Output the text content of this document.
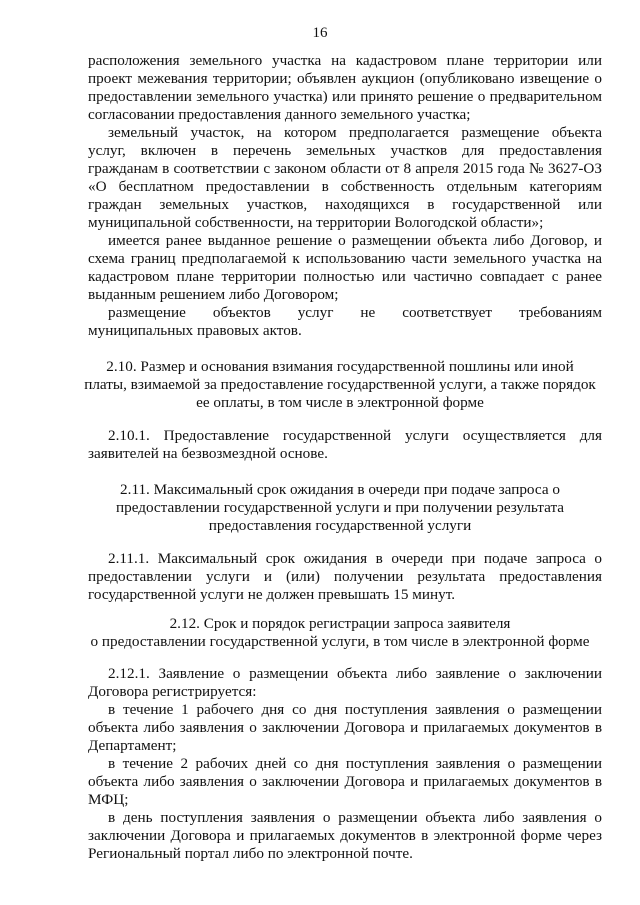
16
расположения земельного участка на кадастровом плане территории или
проект межевания территории; объявлен аукцион (опубликовано извещение о
предоставлении земельного участка) или принято решение о предварительном
согласовании предоставления данного земельного участка;
земельный участок, на котором предполагается размещение объекта
услуг, включен в перечень земельных участков для предоставления
гражданам в соответствии с законом области от 8 апреля 2015 года № 3627-ОЗ
«О бесплатном предоставлении в собственность отдельным категориям
граждан земельных участков, находящихся в государственной или
муниципальной собственности, на территории Вологодской области»;
имеется ранее выданное решение о размещении объекта либо Договор, и
схема границ предполагаемой к использованию части земельного участка на
кадастровом плане территории полностью или частично совпадает с ранее
выданным решением либо Договором;
размещение объектов услуг не соответствует требованиям
муниципальных правовых актов.
2.10. Размер и основания взимания государственной пошлины или иной
платы, взимаемой за предоставление государственной услуги, а также порядок
ее оплаты, в том числе в электронной форме
2.10.1. Предоставление государственной услуги осуществляется для
заявителей на безвозмездной основе.
2.11. Максимальный срок ожидания в очереди при подаче запроса о
предоставлении государственной услуги и при получении результата
предоставления государственной услуги
2.11.1. Максимальный срок ожидания в очереди при подаче запроса о
предоставлении услуги и (или) получении результата предоставления
государственной услуги не должен превышать 15 минут.
2.12. Срок и порядок регистрации запроса заявителя
о предоставлении государственной услуги, в том числе в электронной форме
2.12.1. Заявление о размещении объекта либо заявление о заключении
Договора регистрируется:
в течение 1 рабочего дня со дня поступления заявления о размещении
объекта либо заявления о заключении Договора и прилагаемых документов в
Департамент;
в течение 2 рабочих дней со дня поступления заявления о размещении
объекта либо заявления о заключении Договора и прилагаемых документов в
МФЦ;
в день поступления заявления о размещении объекта либо заявления о
заключении Договора и прилагаемых документов в электронной форме через
Региональный портал либо по электронной почте.
